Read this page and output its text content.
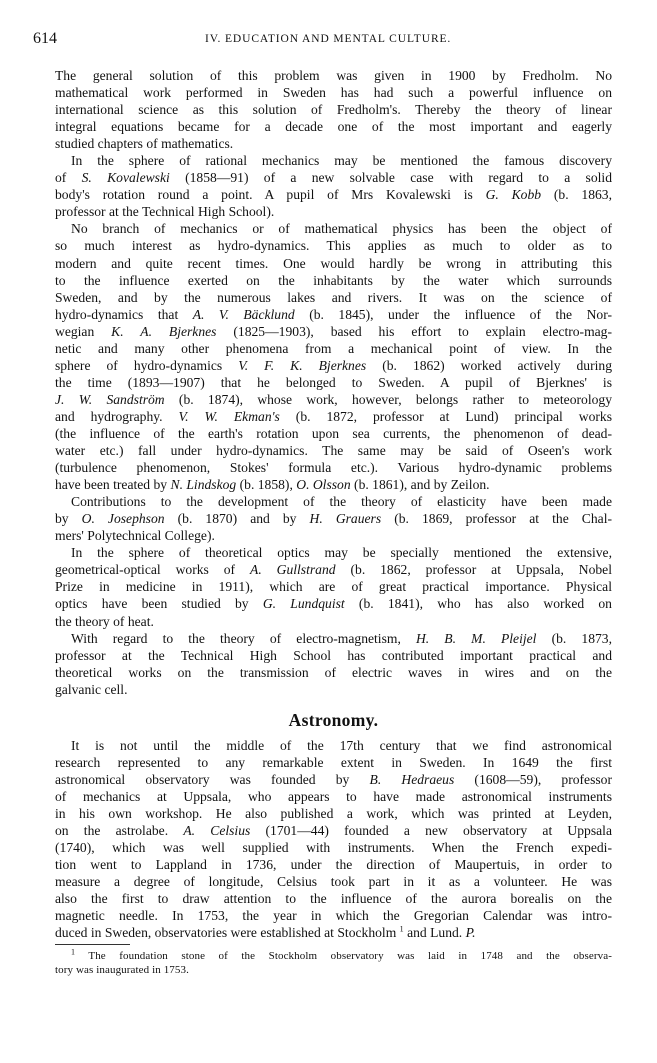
614	IV. EDUCATION AND MENTAL CULTURE.
The general solution of this problem was given in 1900 by Fredholm. No
mathematical work performed in Sweden has had such a powerful influence on
international science as this solution of Fredholm's. Thereby the theory of linear
integral equations became for a decade one of the most important and eagerly
studied chapters of mathematics.
In the sphere of rational mechanics may be mentioned the famous discovery
of S. Kovalewski (1858—91) of a new solvable case with regard to a solid
body's rotation round a point. A pupil of Mrs Kovalewski is G. Kobb (b. 1863,
professor at the Technical High School).
No branch of mechanics or of mathematical physics has been the object of
so much interest as hydro-dynamics. This applies as much to older as to
modern and quite recent times. One would hardly be wrong in attributing this
to the influence exerted on the inhabitants by the water which surrounds
Sweden, and by the numerous lakes and rivers. It was on the science of
hydro-dynamics that A. V. Bäcklund (b. 1845), under the influence of the Nor-
wegian K. A. Bjerknes (1825—1903), based his effort to explain electro-mag-
netic and many other phenomena from a mechanical point of view. In the
sphere of hydro-dynamics V. F. K. Bjerknes (b. 1862) worked actively during
the time (1893—1907) that he belonged to Sweden. A pupil of Bjerknes' is
J. W. Sandström (b. 1874), whose work, however, belongs rather to meteorology
and hydrography. V. W. Ekman's (b. 1872, professor at Lund) principal works
(the influence of the earth's rotation upon sea currents, the phenomenon of dead-
water etc.) fall under hydro-dynamics. The same may be said of Oseen's work
(turbulence phenomenon, Stokes' formula etc.). Various hydro-dynamic problems
have been treated by N. Lindskog (b. 1858), O. Olsson (b. 1861), and by Zeilon.
Contributions to the development of the theory of elasticity have been made
by O. Josephson (b. 1870) and by H. Grauers (b. 1869, professor at the Chal-
mers' Polytechnical College).
In the sphere of theoretical optics may be specially mentioned the extensive,
geometrical-optical works of A. Gullstrand (b. 1862, professor at Uppsala, Nobel
Prize in medicine in 1911), which are of great practical importance. Physical
optics have been studied by G. Lundquist (b. 1841), who has also worked on
the theory of heat.
With regard to the theory of electro-magnetism, H. B. M. Pleijel (b. 1873,
professor at the Technical High School has contributed important practical and
theoretical works on the transmission of electric waves in wires and on the
galvanic cell.
Astronomy.
It is not until the middle of the 17th century that we find astronomical
research represented to any remarkable extent in Sweden. In 1649 the first
astronomical observatory was founded by B. Hedraeus (1608—59), professor
of mechanics at Uppsala, who appears to have made astronomical instruments
in his own workshop. He also published a work, which was printed at Leyden,
on the astrolabe. A. Celsius (1701—44) founded a new observatory at Uppsala
(1740), which was well supplied with instruments. When the French expedi-
tion went to Lappland in 1736, under the direction of Maupertuis, in order to
measure a degree of longitude, Celsius took part in it as a volunteer. He was
also the first to draw attention to the influence of the aurora borealis on the
magnetic needle. In 1753, the year in which the Gregorian Calendar was intro-
duced in Sweden, observatories were established at Stockholm $^1$ and Lund. P.
$^1$ The foundation stone of the Stockholm observatory was laid in 1748 and the observa-
tory was inaugurated in 1753.
